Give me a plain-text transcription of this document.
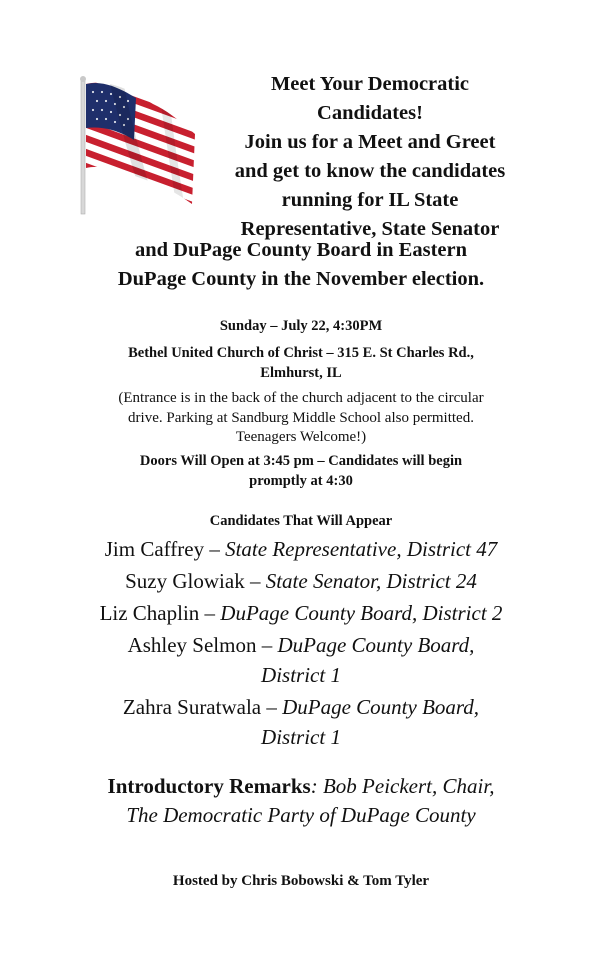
Meet Your Democratic
Candidates!
Join us for a Meet and Greet
and get to know the candidates
running for IL State
Representative, State Senator
and DuPage County Board in Eastern
DuPage County in the November election.
Sunday – July 22, 4:30PM
Bethel United Church of Christ – 315 E. St Charles Rd.,
Elmhurst, IL
(Entrance is in the back of the church adjacent to the circular
drive. Parking at Sandburg Middle School also permitted.
Teenagers Welcome!)
Doors Will Open at 3:45 pm – Candidates will begin
promptly at 4:30
Candidates That Will Appear
Jim Caffrey – State Representative, District 47
Suzy Glowiak – State Senator, District 24
Liz Chaplin – DuPage County Board, District 2
Ashley Selmon – DuPage County Board,
District 1
Zahra Suratwala – DuPage County Board,
District 1
Introductory Remarks: Bob Peickert, Chair,
The Democratic Party of DuPage County
Hosted by Chris Bobowski & Tom Tyler
